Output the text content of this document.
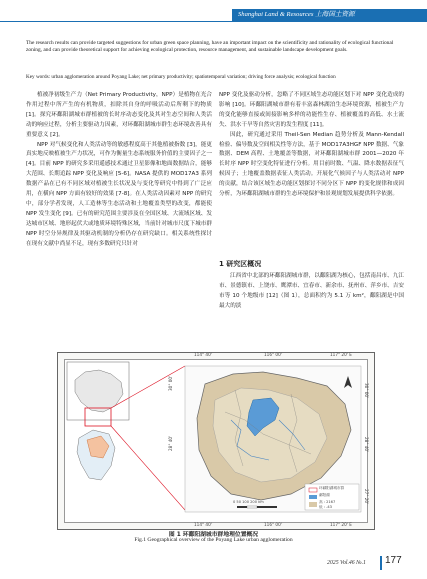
Shanghai Land & Resources 上海国土资源
The research results can provide targeted suggestions for urban green space planning, have an important impact on the scientificity and rationality of ecological functional zoning, and can provide theoretical support for achieving ecological protection, resource management, and sustainable landscape development goals.
Key words: urban agglomeration around Poyang Lake; net primary productivity; spatiotemporal variation; driving force analysis; ecological function

植被净初级生产力（Net Primary Productivity，NPP）是植物在光合作用过程中所产生的有机物质，扣除其自身的呼吸活动后所剩下的物质 [1]。探究环鄱阳湖城市群植被的长时序动态变化及其对生态空间和人类活动的响应过程，分析主要驱动力因素，对环鄱阳湖城市群生态环境改善具有重要意义 [2]。

NPP 对气候变化和人类活动等的敏感程度高于其他植被指数 [3]，能更真实地反映植被生产力状况，可作为衡量生态系统服务价值的主要因子之一 [4]。目前 NPP 的研究多采用遥感技术通过卫星影像和地面数据结合，能够大范围、长期追踪 NPP 变化及响应 [5-6]。NASA 提供的 MOD17A3 系列数据产品在已有不同区域对植被生长状况及与变化等研究中得到了广泛应用，在横向 NPP 方面有较好的效果 [7-8]。在人类活动因素对 NPP 的研究中，部分学者发现，人工造林等生态活动和土地覆盖类型的改变，都能使 NPP 发生变化 [9]。已有的研究范围主要涉及在全国区域、大流域区域、发达城市区域、地形起伏大或地质环境特殊区域，当前针对城市尺度下城市群 NPP 时空分异规律及其驱动机制的分析仍存在研究缺口。相关系统性探讨在现有文献中尚显不足，现有多数研究只针对

NPP 变化及驱动分析，忽略了不同区域生态功能区划下对 NPP 变化造成的影响 [10]。环鄱阳湖城市群有着丰富森林湖泊生态环境资源，植被生产力的变化能够直接或间接影响多样的功能性生存、植被覆盖的高低、水土流失、洪水干旱等自然灾害的发生程度 [11]。

因此，研究通过采用 Theil-Sen Median 趋势分析及 Mann-Kendall 检验、偏导数及空间相关性等方法，基于 MOD17A3HGF NPP 数据、气象数据、DEM 高程、土地覆盖等数据，对环鄱阳湖城市群 2001—2020 年长时序 NPP 时空变化特征进行分析。用目前时数、气温、降水数据表征气候因子；土地覆盖数据表征人类活动。开展化气候因子与人类活动对 NPP 的贡献，结合该区域生态功能区划探讨不同分区下 NPP 的变化规律和成因分析，为环鄱阳湖城市群的生态环境保护和景观规划发展提供科学依据。

1 研究区概况
江西省中北部的环鄱阳湖城市群，以鄱阳湖为核心，包括南昌市、九江市、景德镇市、上饶市、鹰潭市、宜春市、新余市、抚州市、萍乡市、吉安市等 10 个地级市 [12]（图 1），总面积约为 5.1 万 km²，鄱阳湖是中国最大的淡
114° 40'	116° 00'	117° 20' E
114° 40'	116° 00'	117° 20' E
30° 00'
28° 40'
30° 00'
28° 40'
27° 20'
环鄱阳湖城市群
鄱阳湖
高 : 2167
低 : -43
0 50 100 200 km
图 1 环鄱阳湖城市群地理位置概况
Fig.1 Geographical overview of the Poyang Lake urban agglomeration
2025 Vol.46 №.1 177
